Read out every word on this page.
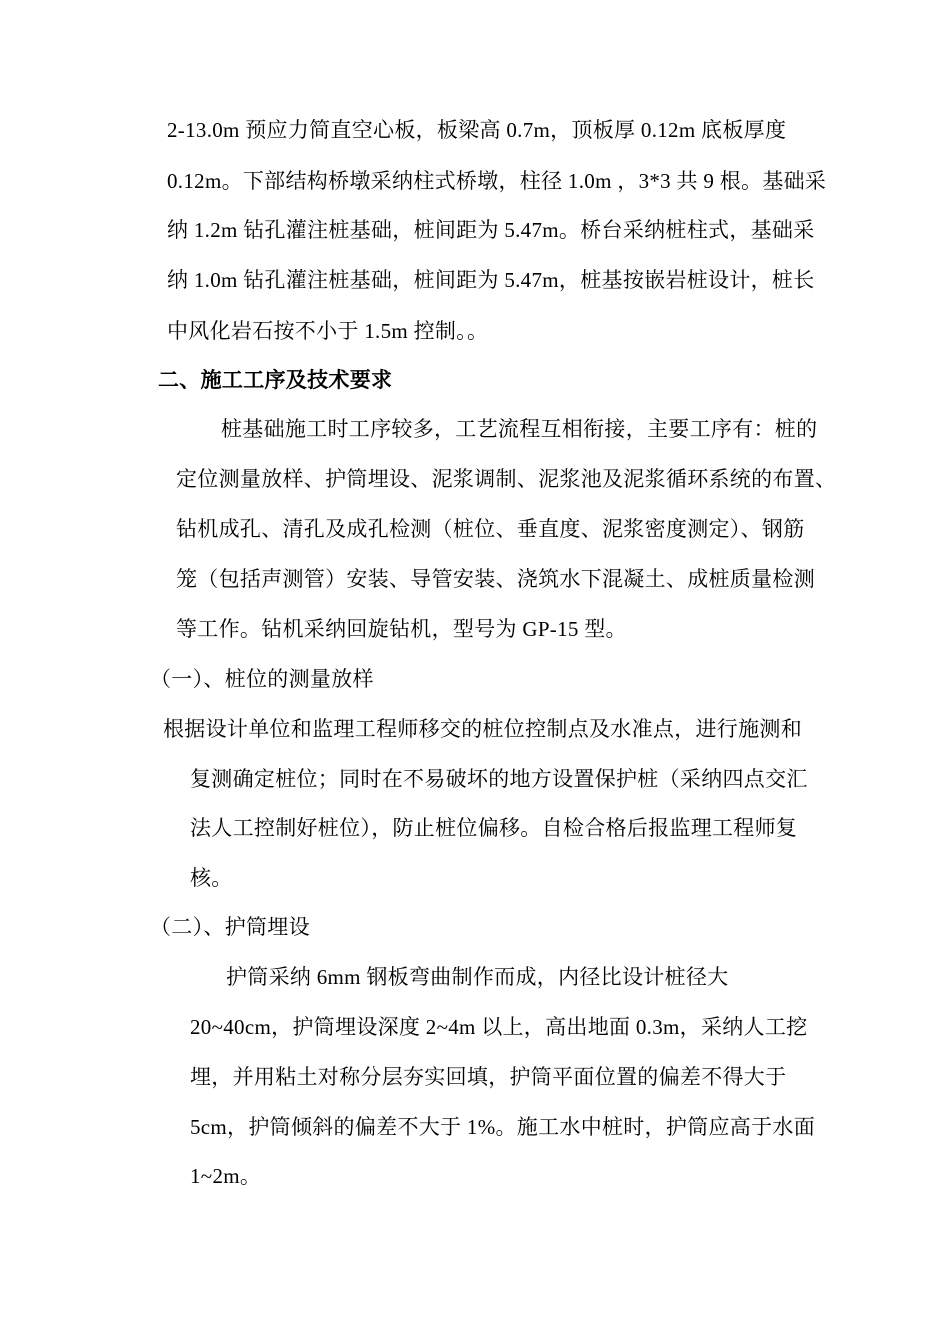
2-13.0m 预应力简直空心板，板梁高 0.7m，顶板厚 0.12m 底板厚度
0.12m。下部结构桥墩采纳柱式桥墩，柱径 1.0m ，3*3 共 9 根。基础采
纳 1.2m 钻孔灌注桩基础，桩间距为 5.47m。桥台采纳桩柱式，基础采
纳 1.0m 钻孔灌注桩基础，桩间距为 5.47m，桩基按嵌岩桩设计，桩长
中风化岩石按不小于 1.5m 控制。。
二、施工工序及技术要求
桩基础施工时工序较多，工艺流程互相衔接，主要工序有：桩的
定位测量放样、护筒埋设、泥浆调制、泥浆池及泥浆循环系统的布置、
钻机成孔、清孔及成孔检测（桩位、垂直度、泥浆密度测定）、钢筋
笼（包括声测管）安装、导管安装、浇筑水下混凝土、成桩质量检测
等工作。钻机采纳回旋钻机，型号为 GP-15 型。
（一）、桩位的测量放样
根据设计单位和监理工程师移交的桩位控制点及水准点，进行施测和
复测确定桩位；同时在不易破坏的地方设置保护桩（采纳四点交汇
法人工控制好桩位），防止桩位偏移。自检合格后报监理工程师复
核。
（二）、护筒埋设
护筒采纳 6mm 钢板弯曲制作而成，内径比设计桩径大
20~40cm，护筒埋设深度 2~4m 以上，高出地面 0.3m，采纳人工挖
埋，并用粘土对称分层夯实回填，护筒平面位置的偏差不得大于
5cm，护筒倾斜的偏差不大于 1%。施工水中桩时，护筒应高于水面
1~2m。
